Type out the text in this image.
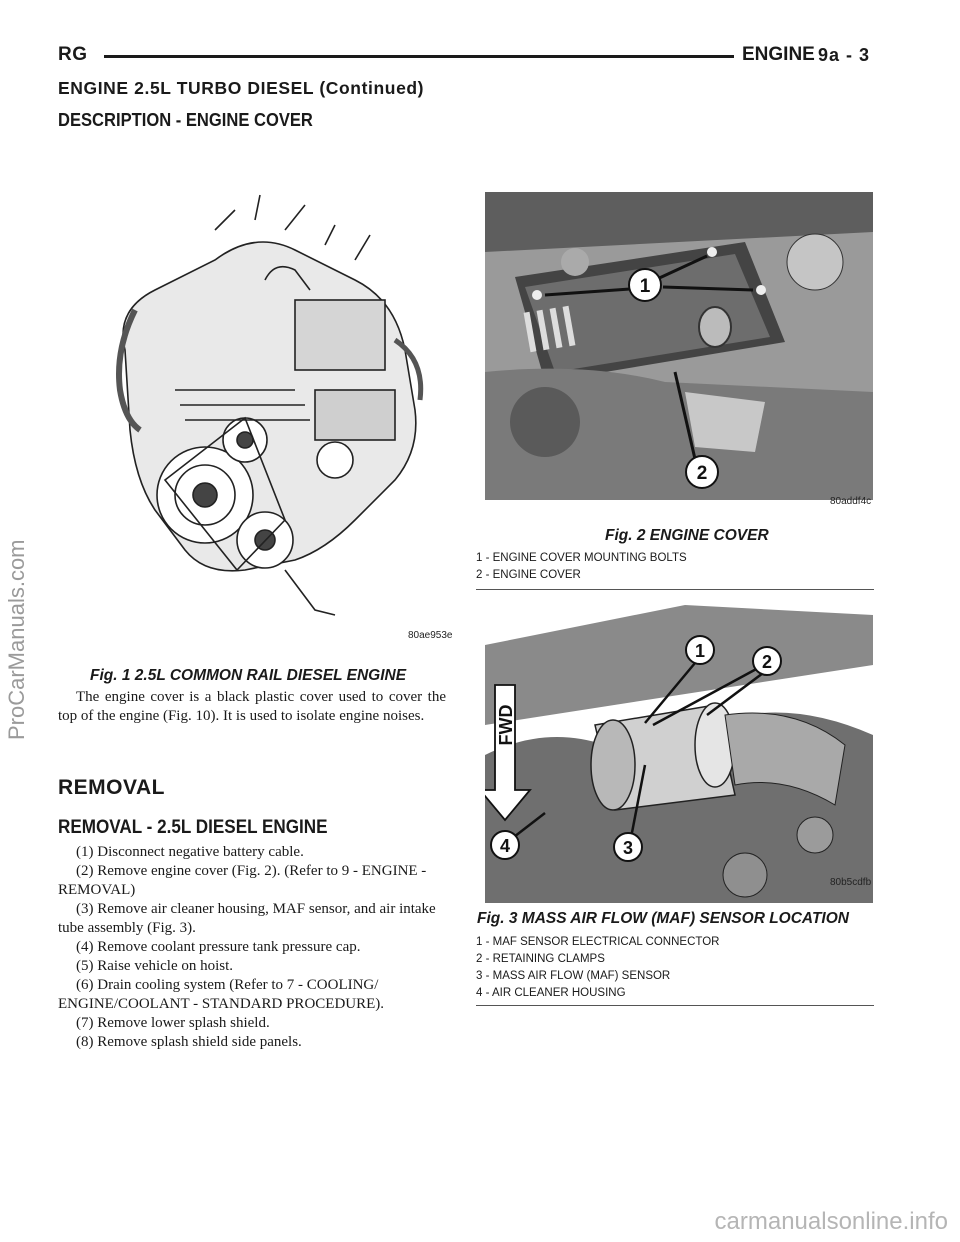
RG	ENGINE 9a - 3
ENGINE 2.5L TURBO DIESEL (Continued)
DESCRIPTION - ENGINE COVER
80ae953e
Fig. 1 2.5L COMMON RAIL DIESEL ENGINE
1
2
80addf4c
Fig. 2 ENGINE COVER
1 - ENGINE COVER MOUNTING BOLTS
2 - ENGINE COVER
FWD
1
2
3
4
80b5cdfb
Fig. 3 MASS AIR FLOW (MAF) SENSOR LOCATION
1 - MAF SENSOR ELECTRICAL CONNECTOR
2 - RETAINING CLAMPS
3 - MASS AIR FLOW (MAF) SENSOR
4 - AIR CLEANER HOUSING

The engine cover is a black plastic cover used to cover the top of the engine (Fig. 10). It is used to isolate engine noises.

REMOVAL
REMOVAL - 2.5L DIESEL ENGINE
(1) Disconnect negative battery cable.
(2) Remove engine cover (Fig. 2). (Refer to 9 - ENGINE - REMOVAL)
(3) Remove air cleaner housing, MAF sensor, and air intake tube assembly (Fig. 3).
(4) Remove coolant pressure tank pressure cap.
(5) Raise vehicle on hoist.
(6) Drain cooling system (Refer to 7 - COOLING/ ENGINE/COOLANT - STANDARD PROCEDURE).
(7) Remove lower splash shield.
(8) Remove splash shield side panels.
ProCarManuals.com
carmanualsonline.info
